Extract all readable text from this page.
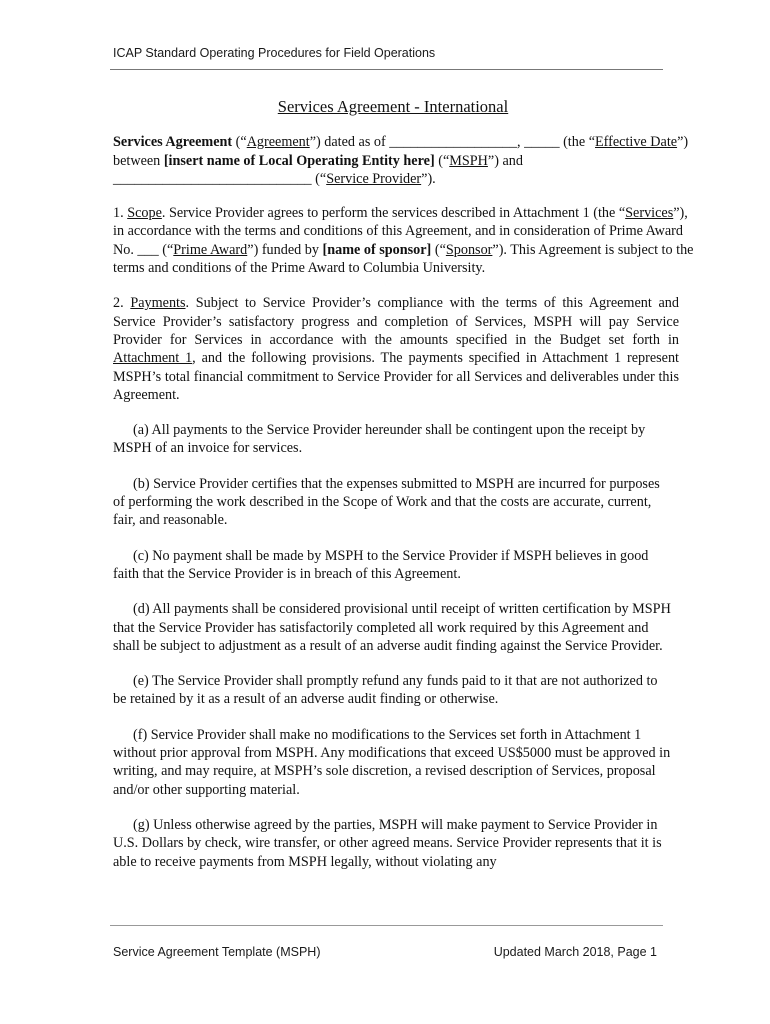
ICAP Standard Operating Procedures for Field Operations
Services Agreement - International

Services Agreement (“Agreement”) dated as of __________________, _____ (the “Effective Date”) between [insert name of Local Operating Entity here] (“MSPH”) and ____________________________ (“Service Provider”).

1. Scope. Service Provider agrees to perform the services described in Attachment 1 (the “Services”), in accordance with the terms and conditions of this Agreement, and in consideration of Prime Award No. ___ (“Prime Award”) funded by [name of sponsor] (“Sponsor”). This Agreement is subject to the terms and conditions of the Prime Award to Columbia University.

2. Payments. Subject to Service Provider’s compliance with the terms of this Agreement and Service Provider’s satisfactory progress and completion of Services, MSPH will pay Service Provider for Services in accordance with the amounts specified in the Budget set forth in Attachment 1, and the following provisions. The payments specified in Attachment 1 represent MSPH’s total financial commitment to Service Provider for all Services and deliverables under this Agreement.

(a) All payments to the Service Provider hereunder shall be contingent upon the receipt by MSPH of an invoice for services.

(b) Service Provider certifies that the expenses submitted to MSPH are incurred for purposes of performing the work described in the Scope of Work and that the costs are accurate, current, fair, and reasonable.

(c) No payment shall be made by MSPH to the Service Provider if MSPH believes in good faith that the Service Provider is in breach of this Agreement.

(d) All payments shall be considered provisional until receipt of written certification by MSPH that the Service Provider has satisfactorily completed all work required by this Agreement and shall be subject to adjustment as a result of an adverse audit finding against the Service Provider.

(e) The Service Provider shall promptly refund any funds paid to it that are not authorized to be retained by it as a result of an adverse audit finding or otherwise.

(f) Service Provider shall make no modifications to the Services set forth in Attachment 1 without prior approval from MSPH. Any modifications that exceed US$5000 must be approved in writing, and may require, at MSPH’s sole discretion, a revised description of Services, proposal and/or other supporting material.

(g) Unless otherwise agreed by the parties, MSPH will make payment to Service Provider in U.S. Dollars by check, wire transfer, or other agreed means. Service Provider represents that it is able to receive payments from MSPH legally, without violating any

Service Agreement Template (MSPH)	Updated March 2018, Page 1
